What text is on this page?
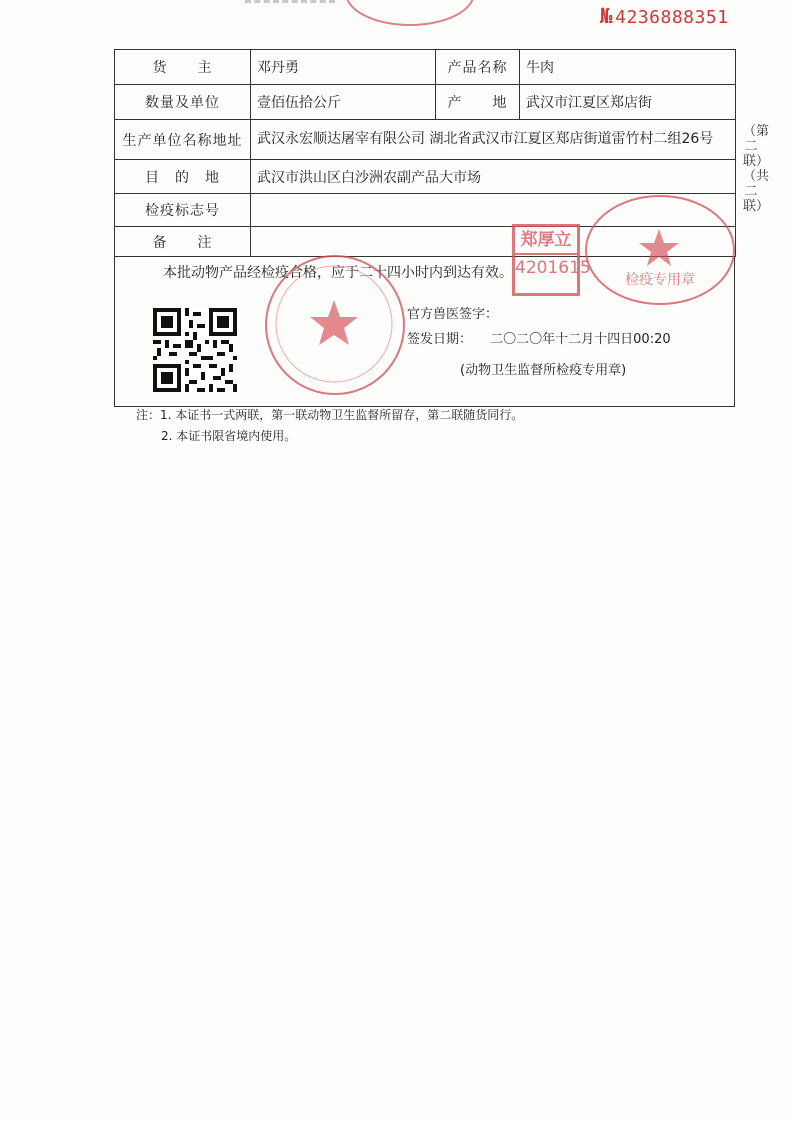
№ 4236888351
（第二联）（共二联）
货　　主	邓丹勇	产品名称	牛肉
数量及单位	壹佰伍拾公斤	产　　地	武汉市江夏区郑店街
生产单位名称地址	武汉永宏顺达屠宰有限公司 湖北省武汉市江夏区郑店街道雷竹村二组26号		
目　的　地	武汉市洪山区白沙洲农副产品大市场		
检疫标志号			
备　　注			
本批动物产品经检疫合格，应于二十四小时内到达有效。
官方兽医签字：
签发日期： 二〇二〇年十二月十四日00:20
(动物卫生监督所检疫专用章)
郑厚立
4201615
检疫专用章
注：1. 本证书一式两联，第一联动物卫生监督所留存，第二联随货同行。
2. 本证书限省境内使用。
